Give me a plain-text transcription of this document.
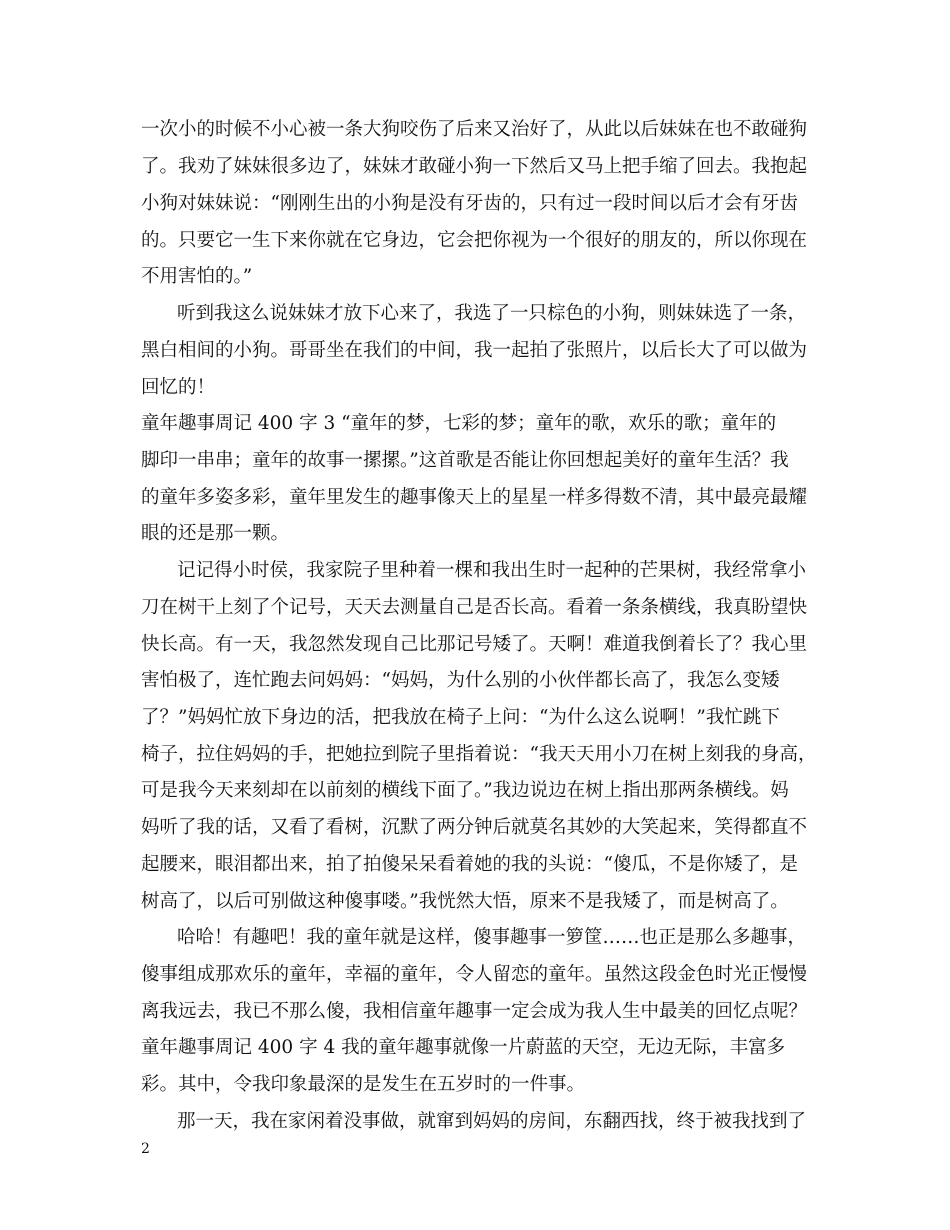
一次小的时候不小心被一条大狗咬伤了后来又治好了，从此以后妹妹在也不敢碰狗
了。我劝了妹妹很多边了，妹妹才敢碰小狗一下然后又马上把手缩了回去。我抱起
小狗对妹妹说：“刚刚生出的小狗是没有牙齿的，只有过一段时间以后才会有牙齿
的。只要它一生下来你就在它身边，它会把你视为一个很好的朋友的，所以你现在
不用害怕的。”
听到我这么说妹妹才放下心来了，我选了一只棕色的小狗，则妹妹选了一条，
黑白相间的小狗。哥哥坐在我们的中间，我一起拍了张照片，以后长大了可以做为
回忆的！
童年趣事周记 400 字 3 “童年的梦，七彩的梦；童年的歌，欢乐的歌；童年的
脚印一串串；童年的故事一摞摞。”这首歌是否能让你回想起美好的童年生活？我
的童年多姿多彩，童年里发生的趣事像天上的星星一样多得数不清，其中最亮最耀
眼的还是那一颗。
记记得小时侯，我家院子里种着一棵和我出生时一起种的芒果树，我经常拿小
刀在树干上刻了个记号，天天去测量自己是否长高。看着一条条横线，我真盼望快
快长高。有一天，我忽然发现自己比那记号矮了。天啊！难道我倒着长了？我心里
害怕极了，连忙跑去问妈妈：“妈妈，为什么别的小伙伴都长高了，我怎么变矮
了？”妈妈忙放下身边的活，把我放在椅子上问：“为什么这么说啊！”我忙跳下
椅子，拉住妈妈的手，把她拉到院子里指着说：“我天天用小刀在树上刻我的身高，
可是我今天来刻却在以前刻的横线下面了。”我边说边在树上指出那两条横线。妈
妈听了我的话，又看了看树，沉默了两分钟后就莫名其妙的大笑起来，笑得都直不
起腰来，眼泪都出来，拍了拍傻呆呆看着她的我的头说：“傻瓜，不是你矮了，是
树高了，以后可别做这种傻事喽。”我恍然大悟，原来不是我矮了，而是树高了。
哈哈！有趣吧！我的童年就是这样，傻事趣事一箩筐……也正是那么多趣事，
傻事组成那欢乐的童年，幸福的童年，令人留恋的童年。虽然这段金色时光正慢慢
离我远去，我已不那么傻，我相信童年趣事一定会成为我人生中最美的回忆点呢？
童年趣事周记 400 字 4 我的童年趣事就像一片蔚蓝的天空，无边无际，丰富多
彩。其中，令我印象最深的是发生在五岁时的一件事。
那一天，我在家闲着没事做，就窜到妈妈的房间，东翻西找，终于被我找到了
2
